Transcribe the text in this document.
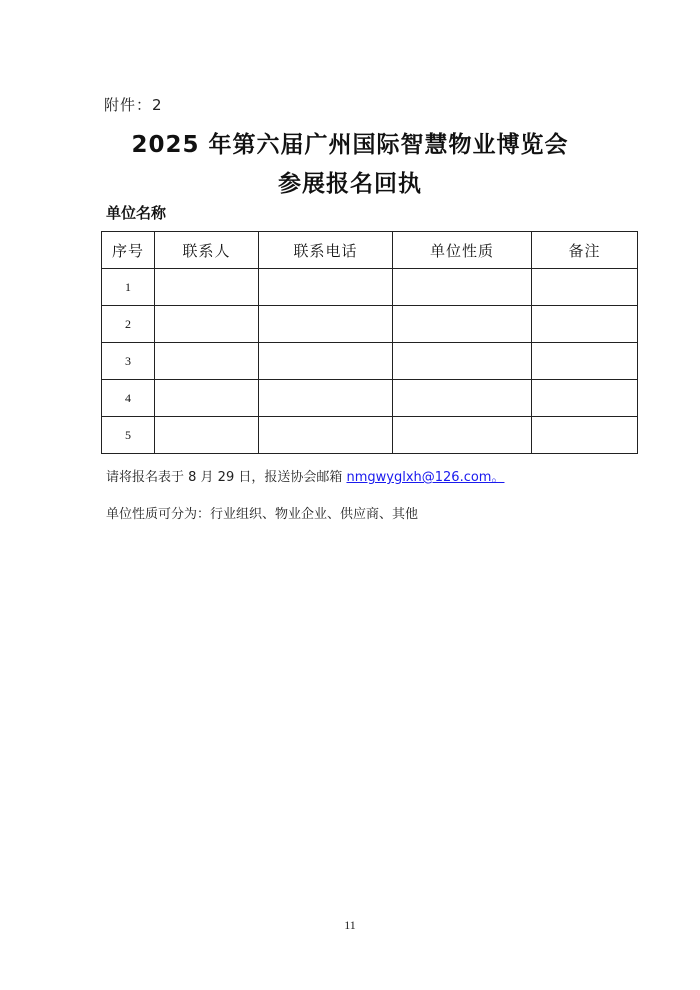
附件：2
2025 年第六届广州国际智慧物业博览会
参展报名回执
单位名称
序号	联系人	联系电话	单位性质	备注
1				
2				
3				
4				
5				
请将报名表于 8 月 29 日，报送协会邮箱 nmgwyglxh@126.com。
单位性质可分为：行业组织、物业企业、供应商、其他
11
